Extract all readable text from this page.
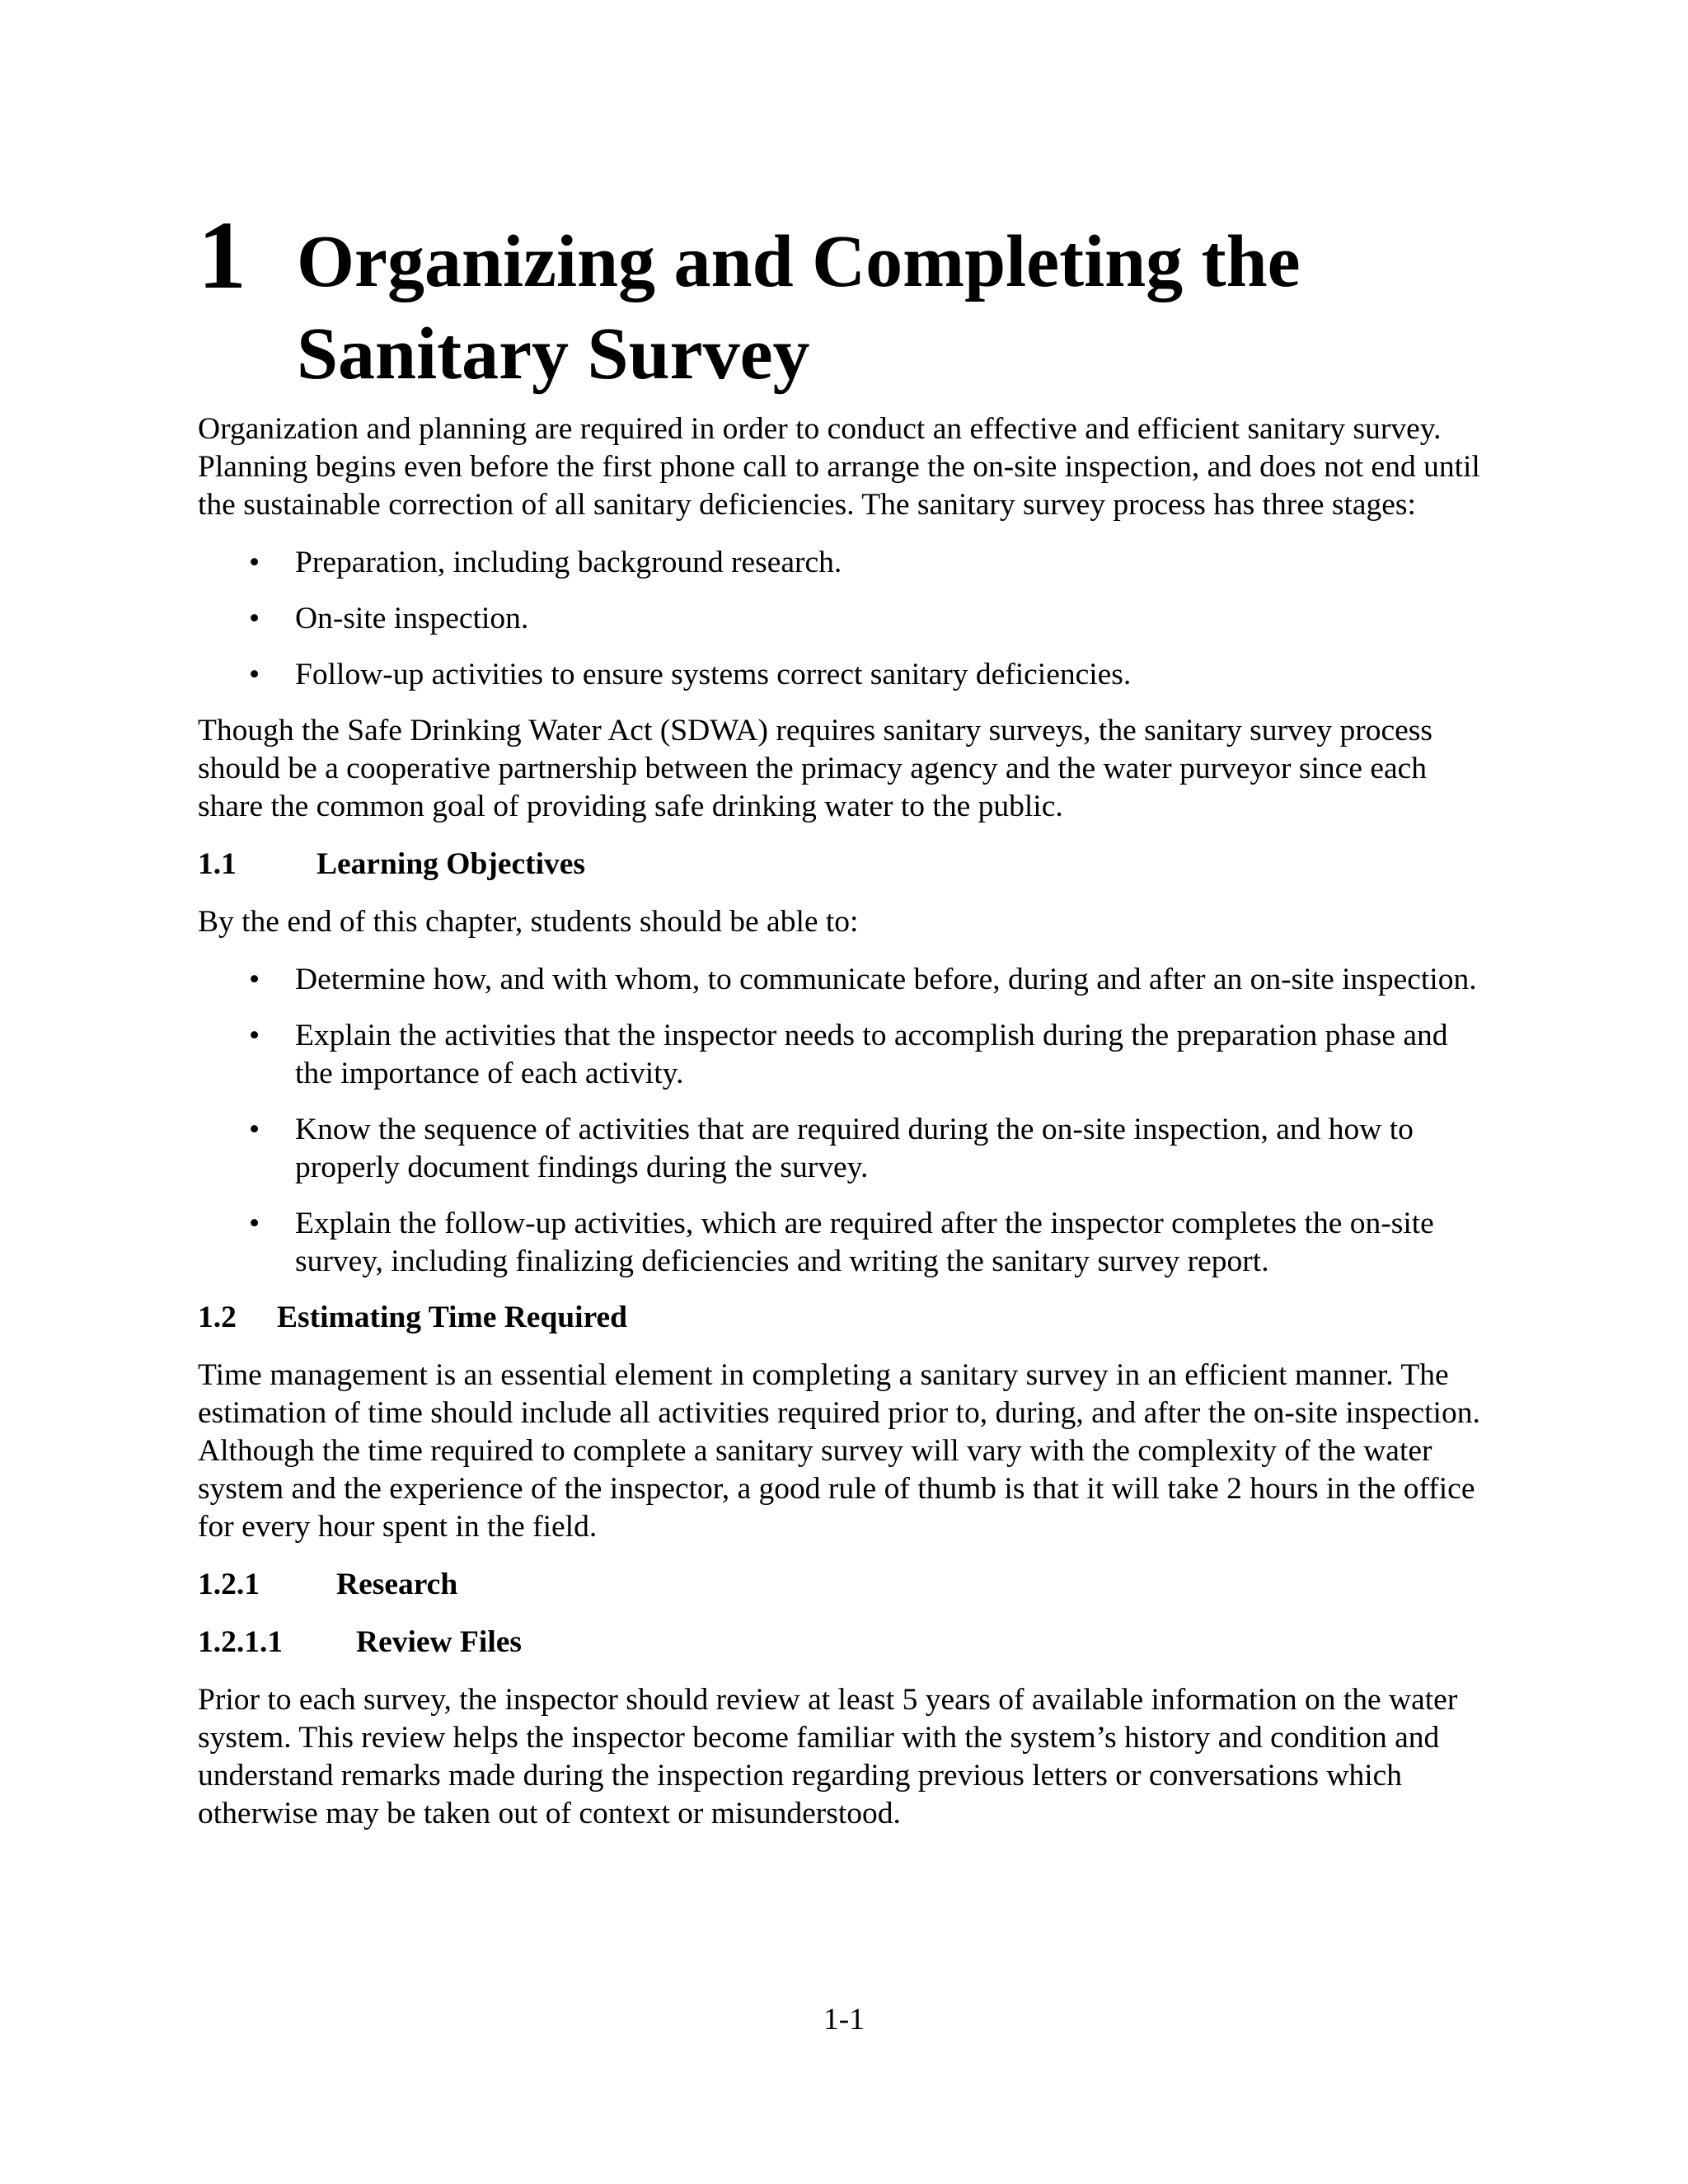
1 Organizing and Completing the
Sanitary Survey

Organization and planning are required in order to conduct an effective and efficient sanitary survey. Planning begins even before the first phone call to arrange the on-site inspection, and does not end until the sustainable correction of all sanitary deficiencies. The sanitary survey process has three stages:

• Preparation, including background research.
• On-site inspection.
• Follow-up activities to ensure systems correct sanitary deficiencies.

Though the Safe Drinking Water Act (SDWA) requires sanitary surveys, the sanitary survey process should be a cooperative partnership between the primacy agency and the water purveyor since each share the common goal of providing safe drinking water to the public.

1.1	Learning Objectives

By the end of this chapter, students should be able to:

• Determine how, and with whom, to communicate before, during and after an on-site inspection.
• Explain the activities that the inspector needs to accomplish during the preparation phase and the importance of each activity.
• Know the sequence of activities that are required during the on-site inspection, and how to properly document findings during the survey.
• Explain the follow-up activities, which are required after the inspector completes the on-site survey, including finalizing deficiencies and writing the sanitary survey report.
1.2	Estimating Time Required

Time management is an essential element in completing a sanitary survey in an efficient manner. The estimation of time should include all activities required prior to, during, and after the on-site inspection. Although the time required to complete a sanitary survey will vary with the complexity of the water system and the experience of the inspector, a good rule of thumb is that it will take 2 hours in the office for every hour spent in the field.

1.2.1	Research
1.2.1.1	Review Files

Prior to each survey, the inspector should review at least 5 years of available information on the water system. This review helps the inspector become familiar with the system’s history and condition and understand remarks made during the inspection regarding previous letters or conversations which otherwise may be taken out of context or misunderstood.

1-1
